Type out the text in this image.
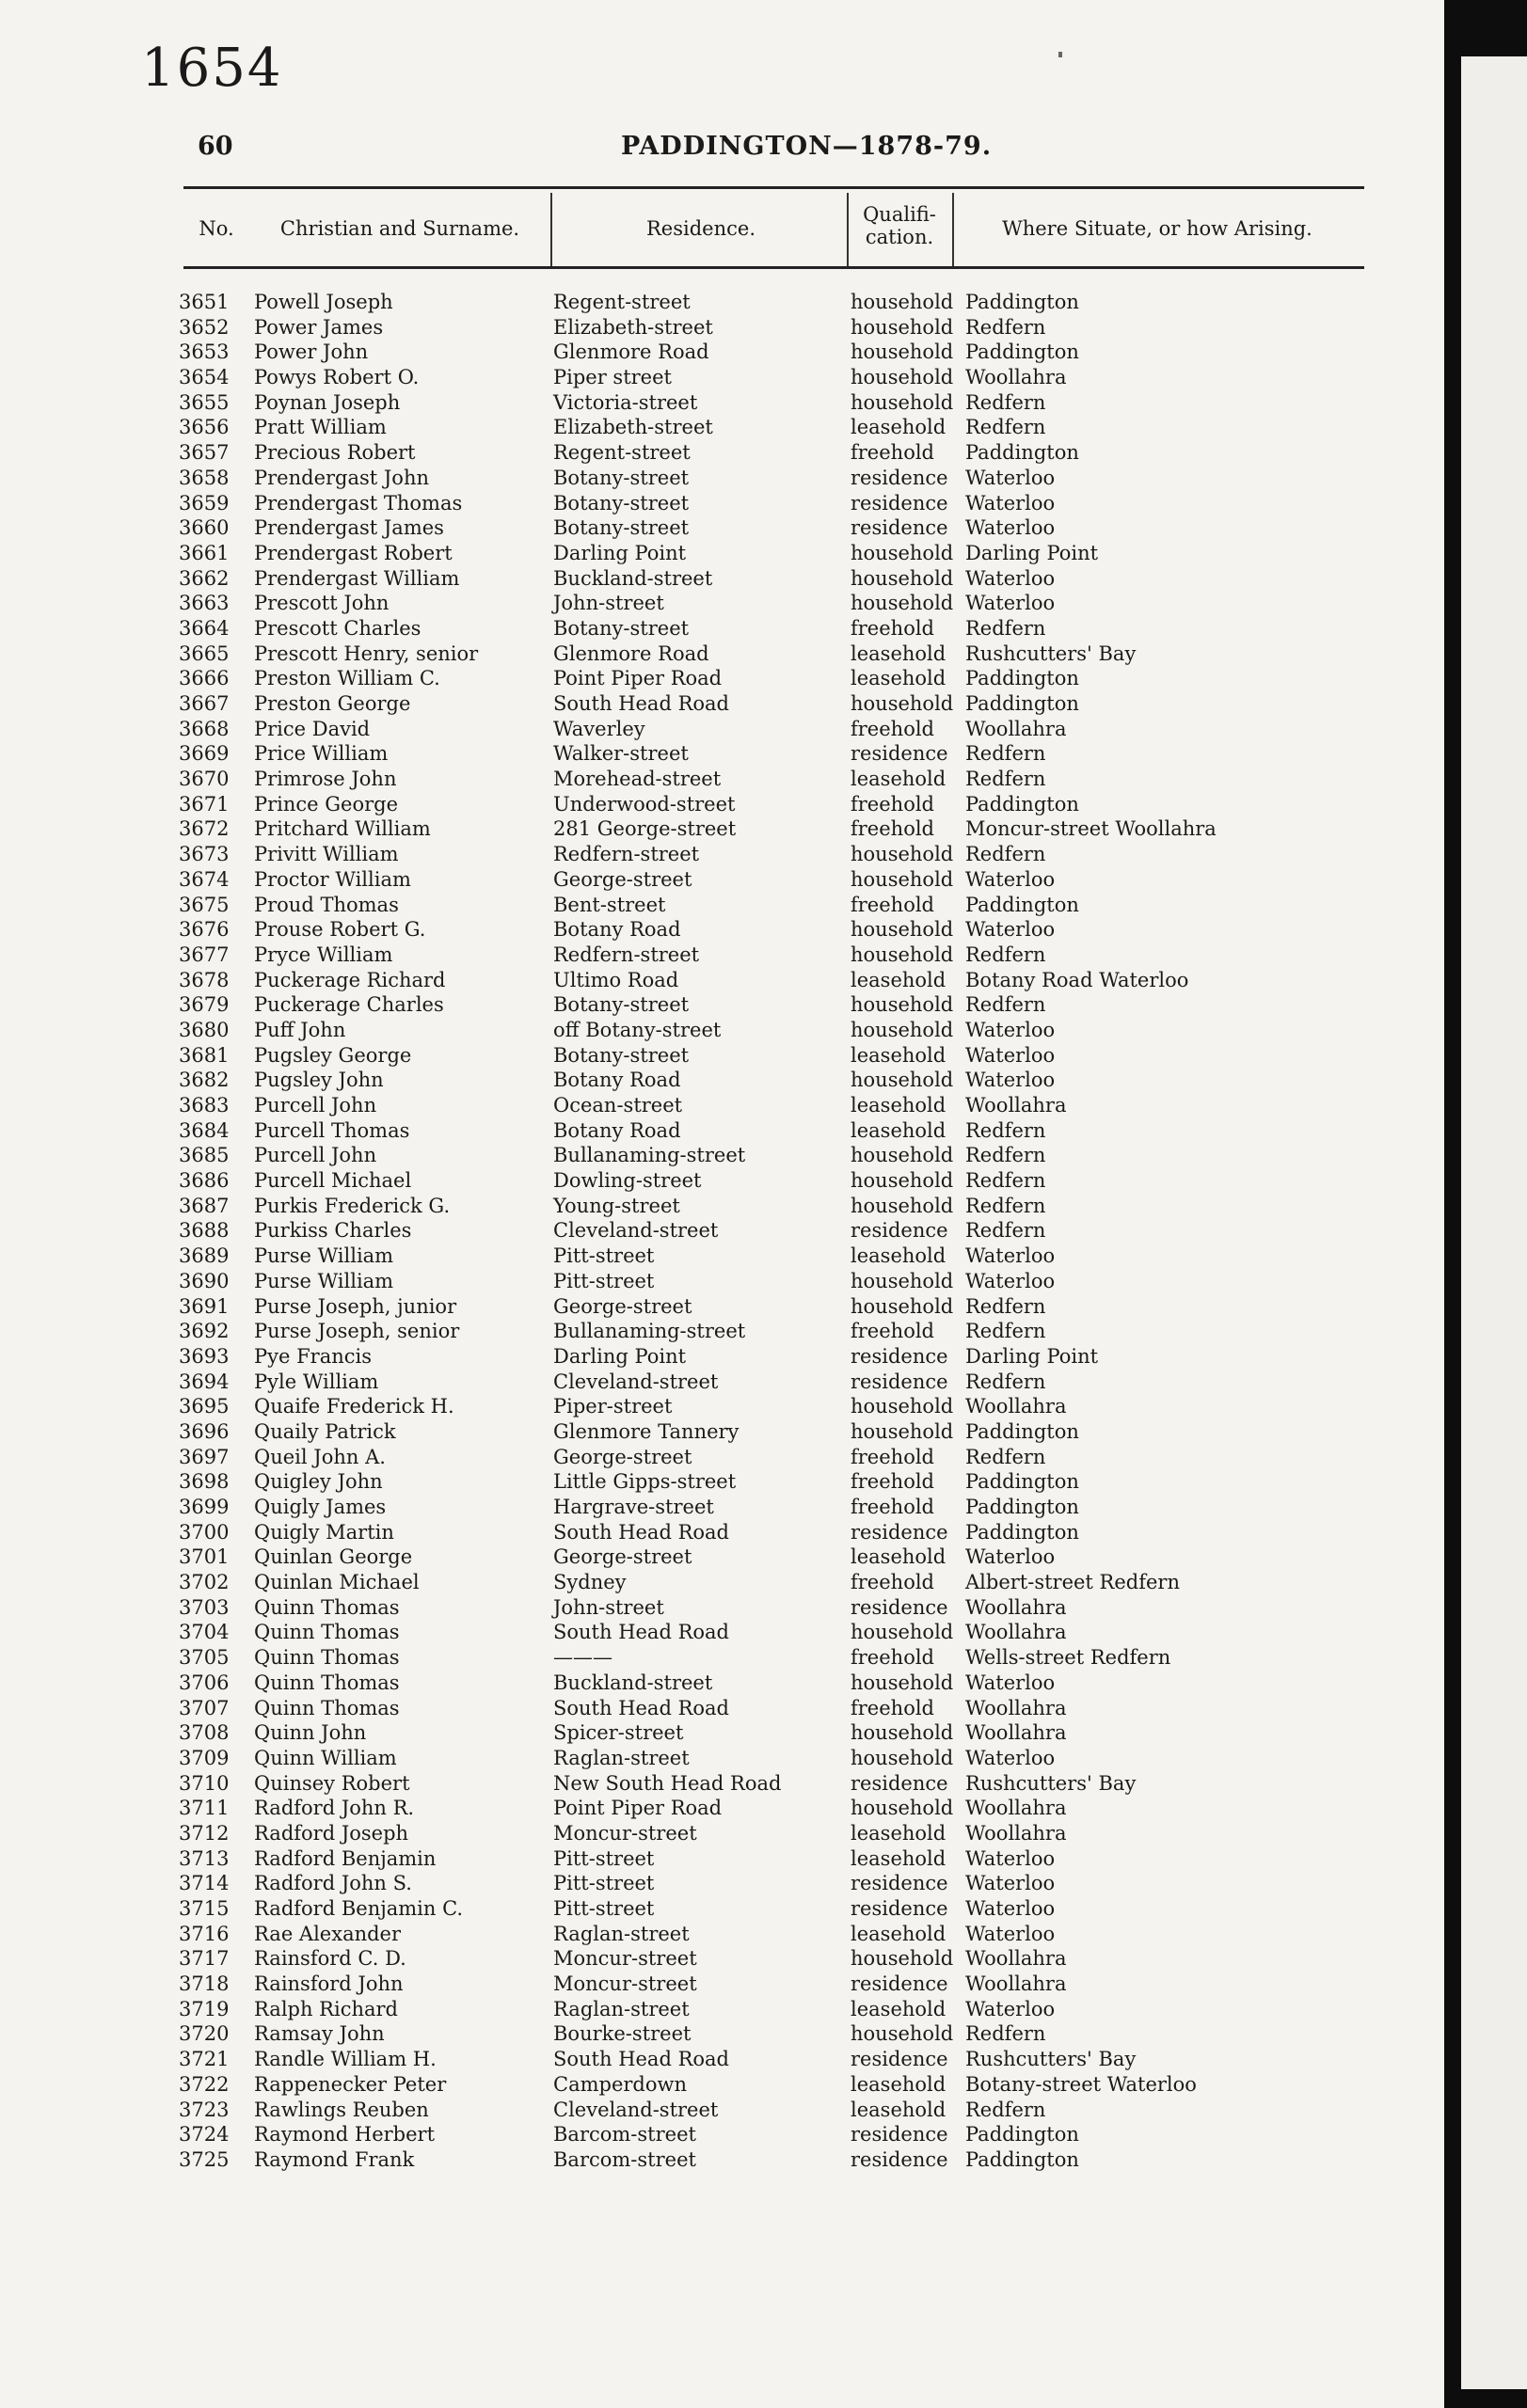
1654
60	PADDINGTON—1878-79.
No.	Christian and Surname.	Residence.
Qualifi-
cation.	Where Situate, or how Arising.
3651 Powell Joseph	Regent-street	household Paddington
3652 Power James	Elizabeth-street	household Redfern
3653 Power John	Glenmore Road	household Paddington
3654 Powys Robert O.	Piper street	household Woollahra
3655 Poynan Joseph	Victoria-street	household Redfern
3656 Pratt William	Elizabeth-street	leasehold Redfern
3657 Precious Robert	Regent-street	freehold Paddington
3658 Prendergast John	Botany-street	residence Waterloo
3659 Prendergast Thomas	Botany-street	residence Waterloo
3660 Prendergast James	Botany-street	residence Waterloo
3661 Prendergast Robert	Darling Point	household Darling Point
3662 Prendergast William	Buckland-street	household Waterloo
3663 Prescott John	John-street	household Waterloo
3664 Prescott Charles	Botany-street	freehold Redfern
3665 Prescott Henry, senior	Glenmore Road	leasehold Rushcutters' Bay
3666 Preston William C.	Point Piper Road	leasehold Paddington
3667 Preston George	South Head Road	household Paddington
3668 Price David	Waverley	freehold Woollahra
3669 Price William	Walker-street	residence Redfern
3670 Primrose John	Morehead-street	leasehold Redfern
3671 Prince George	Underwood-street	freehold Paddington
3672 Pritchard William	281 George-street	freehold Moncur-street Woollahra
3673 Privitt William	Redfern-street	household Redfern
3674 Proctor William	George-street	household Waterloo
3675 Proud Thomas	Bent-street	freehold Paddington
3676 Prouse Robert G.	Botany Road	household Waterloo
3677 Pryce William	Redfern-street	household Redfern
3678 Puckerage Richard	Ultimo Road	leasehold Botany Road Waterloo
3679 Puckerage Charles	Botany-street	household Redfern
3680 Puff John	off Botany-street	household Waterloo
3681 Pugsley George	Botany-street	leasehold Waterloo
3682 Pugsley John	Botany Road	household Waterloo
3683 Purcell John	Ocean-street	leasehold Woollahra
3684 Purcell Thomas	Botany Road	leasehold Redfern
3685 Purcell John	Bullanaming-street	household Redfern
3686 Purcell Michael	Dowling-street	household Redfern
3687 Purkis Frederick G.	Young-street	household Redfern
3688 Purkiss Charles	Cleveland-street	residence Redfern
3689 Purse William	Pitt-street	leasehold Waterloo
3690 Purse William	Pitt-street	household Waterloo
3691 Purse Joseph, junior	George-street	household Redfern
3692 Purse Joseph, senior	Bullanaming-street	freehold Redfern
3693 Pye Francis	Darling Point	residence Darling Point
3694 Pyle William	Cleveland-street	residence Redfern
3695 Quaife Frederick H.	Piper-street	household Woollahra
3696 Quaily Patrick	Glenmore Tannery	household Paddington
3697 Queil John A.	George-street	freehold Redfern
3698 Quigley John	Little Gipps-street	freehold Paddington
3699 Quigly James	Hargrave-street	freehold Paddington
3700 Quigly Martin	South Head Road	residence Paddington
3701 Quinlan George	George-street	leasehold Waterloo
3702 Quinlan Michael	Sydney	freehold Albert-street Redfern
3703 Quinn Thomas	John-street	residence Woollahra
3704 Quinn Thomas	South Head Road	household Woollahra
3705 Quinn Thomas	———	freehold Wells-street Redfern
3706 Quinn Thomas	Buckland-street	household Waterloo
3707 Quinn Thomas	South Head Road	freehold Woollahra
3708 Quinn John	Spicer-street	household Woollahra
3709 Quinn William	Raglan-street	household Waterloo
3710 Quinsey Robert	New South Head Road	residence Rushcutters' Bay
3711 Radford John R.	Point Piper Road	household Woollahra
3712 Radford Joseph	Moncur-street	leasehold Woollahra
3713 Radford Benjamin	Pitt-street	leasehold Waterloo
3714 Radford John S.	Pitt-street	residence Waterloo
3715 Radford Benjamin C.	Pitt-street	residence Waterloo
3716 Rae Alexander	Raglan-street	leasehold Waterloo
3717 Rainsford C. D.	Moncur-street	household Woollahra
3718 Rainsford John	Moncur-street	residence Woollahra
3719 Ralph Richard	Raglan-street	leasehold Waterloo
3720 Ramsay John	Bourke-street	household Redfern
3721 Randle William H.	South Head Road	residence Rushcutters' Bay
3722 Rappenecker Peter	Camperdown	leasehold Botany-street Waterloo
3723 Rawlings Reuben	Cleveland-street	leasehold Redfern
3724 Raymond Herbert	Barcom-street	residence Paddington
3725 Raymond Frank	Barcom-street	residence Paddington
